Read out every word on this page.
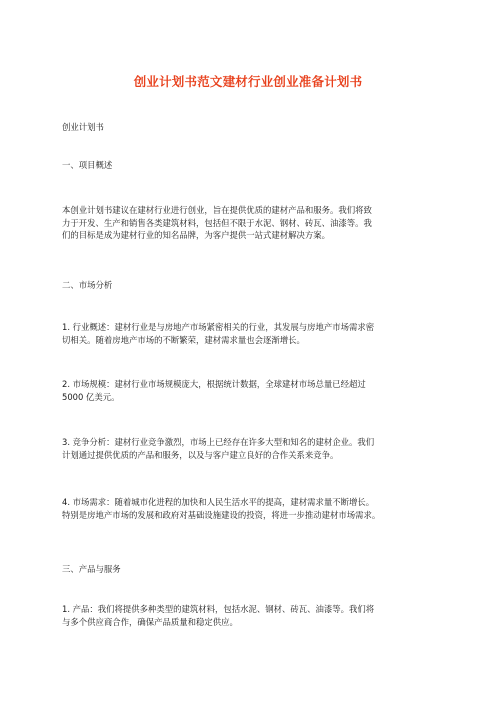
创业计划书范文建材行业创业准备计划书
创业计划书
一、项目概述
本创业计划书建议在建材行业进行创业，旨在提供优质的建材产品和服务。我们将致
力于开发、生产和销售各类建筑材料，包括但不限于水泥、钢材、砖瓦、油漆等。我
们的目标是成为建材行业的知名品牌，为客户提供一站式建材解决方案。
二、市场分析
1. 行业概述：建材行业是与房地产市场紧密相关的行业，其发展与房地产市场需求密
切相关。随着房地产市场的不断繁荣，建材需求量也会逐渐增长。
2. 市场规模：建材行业市场规模庞大，根据统计数据，全球建材市场总量已经超过
5000 亿美元。
3. 竞争分析：建材行业竞争激烈，市场上已经存在许多大型和知名的建材企业。我们
计划通过提供优质的产品和服务，以及与客户建立良好的合作关系来竞争。
4. 市场需求：随着城市化进程的加快和人民生活水平的提高，建材需求量不断增长。
特别是房地产市场的发展和政府对基础设施建设的投资，将进一步推动建材市场需求。
三、产品与服务
1. 产品：我们将提供多种类型的建筑材料，包括水泥、钢材、砖瓦、油漆等。我们将
与多个供应商合作，确保产品质量和稳定供应。
